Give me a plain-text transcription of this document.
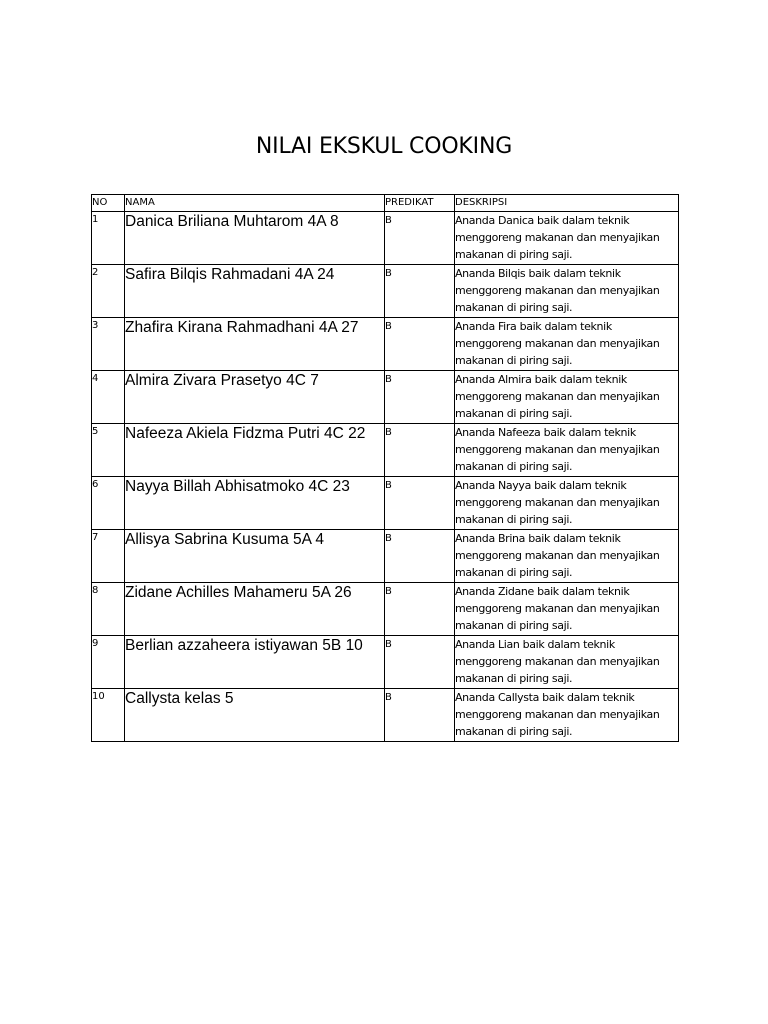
NILAI EKSKUL COOKING
NO	NAMA	PREDIKAT	DESKRIPSI
1	Danica Briliana Muhtarom 4A 8	B	Ananda Danica baik dalam teknik menggoreng makanan dan menyajikan makanan di piring saji.
2	Safira Bilqis Rahmadani 4A 24	B	Ananda Bilqis baik dalam teknik menggoreng makanan dan menyajikan makanan di piring saji.
3	Zhafira Kirana Rahmadhani 4A 27	B	Ananda Fira baik dalam teknik menggoreng makanan dan menyajikan makanan di piring saji.
4	Almira Zivara Prasetyo 4C 7	B	Ananda Almira baik dalam teknik menggoreng makanan dan menyajikan makanan di piring saji.
5	Nafeeza Akiela Fidzma Putri 4C 22	B	Ananda Nafeeza baik dalam teknik menggoreng makanan dan menyajikan makanan di piring saji.
6	Nayya Billah Abhisatmoko 4C 23	B	Ananda Nayya baik dalam teknik menggoreng makanan dan menyajikan makanan di piring saji.
7	Allisya Sabrina Kusuma 5A 4	B	Ananda Brina baik dalam teknik menggoreng makanan dan menyajikan makanan di piring saji.
8	Zidane Achilles Mahameru 5A 26	B	Ananda Zidane baik dalam teknik menggoreng makanan dan menyajikan makanan di piring saji.
9	Berlian azzaheera istiyawan 5B 10	B	Ananda Lian baik dalam teknik menggoreng makanan dan menyajikan makanan di piring saji.
10	Callysta kelas 5	B	Ananda Callysta baik dalam teknik menggoreng makanan dan menyajikan makanan di piring saji.
